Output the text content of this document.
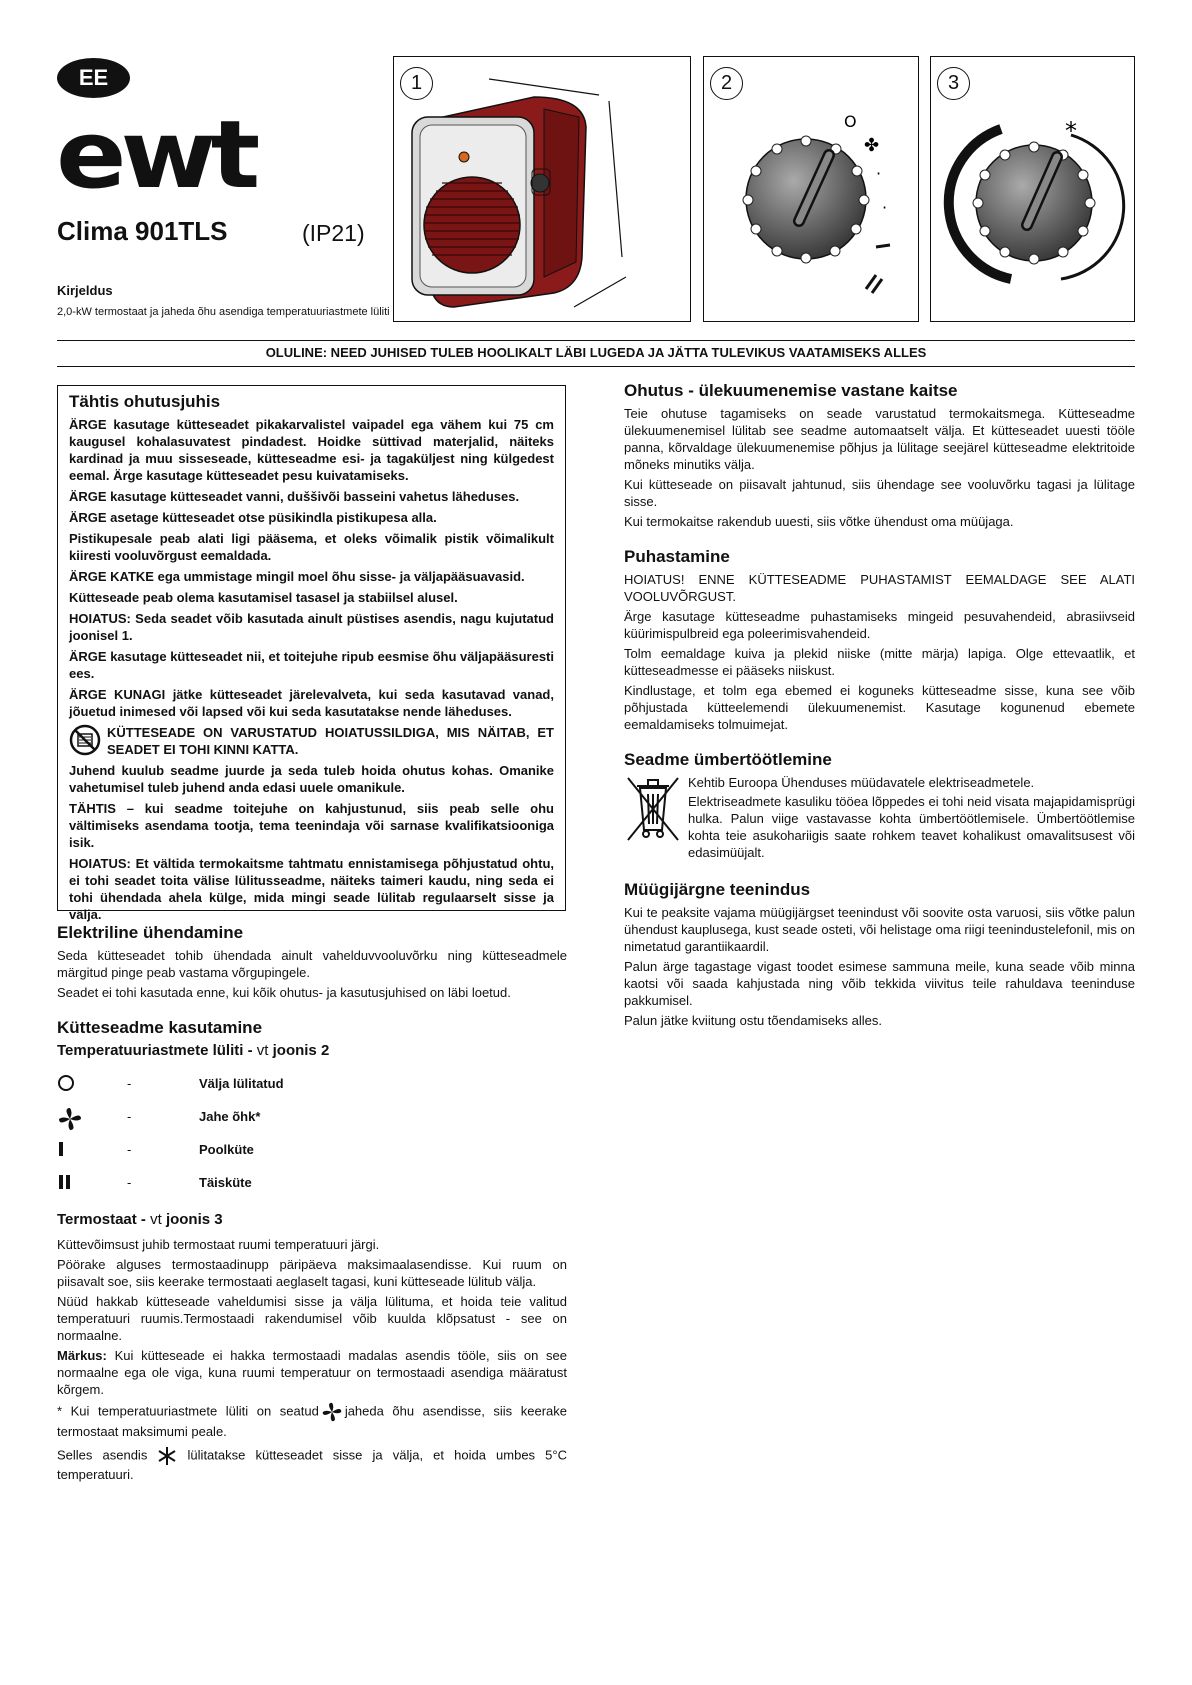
EE
ewt
Clima 901TLS	(IP21)
Kirjeldus
2,0-kW termostaat ja jaheda õhu asendiga temperatuuriastmete lüliti
1	2
O
✤
·
·
3
*
OLULINE: NEED JUHISED TULEB HOOLIKALT LÄBI LUGEDA JA JÄTTA TULEVIKUS VAATAMISEKS ALLES
Tähtis ohutusjuhis

ÄRGE kasutage kütteseadet pikakarvalistel vaipadel ega vähem kui 75 cm kaugusel kohalasuvatest pindadest. Hoidke süttivad materjalid, näiteks kardinad ja muu sisseseade, kütteseadme esi- ja tagaküljest ning külgedest eemal. Ärge kasutage kütteseadet pesu kuivatamiseks.

ÄRGE kasutage kütteseadet vanni, duššivõi basseini vahetus läheduses.

ÄRGE asetage kütteseadet otse püsikindla pistikupesa alla.

Pistikupesale peab alati ligi pääsema, et oleks võimalik pistik võimalikult kiiresti vooluvõrgust eemaldada.

ÄRGE KATKE ega ummistage mingil moel õhu sisse- ja väljapääsuavasid.

Kütteseade peab olema kasutamisel tasasel ja stabiilsel alusel.

HOIATUS: Seda seadet võib kasutada ainult püstises asendis, nagu kujutatud joonisel 1.

ÄRGE kasutage kütteseadet nii, et toitejuhe ripub eesmise õhu väljapääsuresti ees.

ÄRGE KUNAGI jätke kütteseadet järelevalveta, kui seda kasutavad vanad, jõuetud inimesed või lapsed või kui seda kasutatakse nende läheduses.

KÜTTESEADE ON VARUSTATUD HOIATUSSILDIGA, MIS NÄITAB, ET SEADET EI TOHI KINNI KATTA.

Juhend kuulub seadme juurde ja seda tuleb hoida ohutus kohas. Omanike vahetumisel tuleb juhend anda edasi uuele omanikule.

TÄHTIS – kui seadme toitejuhe on kahjustunud, siis peab selle ohu vältimiseks asendama tootja, tema teenindaja või sarnase kvalifikatsiooniga isik.

HOIATUS: Et vältida termokaitsme tahtmatu ennistamisega põhjustatud ohtu, ei tohi seadet toita välise lülitusseadme, näiteks taimeri kaudu, ning seda ei tohi ühendada ahela külge, mida mingi seade lülitab regulaarselt sisse ja välja.

Elektriline ühendamine

Seda kütteseadet tohib ühendada ainult vahelduvvooluvõrku ning kütteseadmele märgitud pinge peab vastama võrgupingele.

Seadet ei tohi kasutada enne, kui kõik ohutus- ja kasutusjuhised on läbi loetud.

Kütteseadme kasutamine
Temperatuuriastmete lüliti - vt joonis 2
-	Välja lülitatud
-	Jahe õhk*
-	Poolküte
-	Täisküte
Termostaat - vt joonis 3

Küttevõimsust juhib termostaat ruumi temperatuuri järgi.

Pöörake alguses termostaadinupp päripäeva maksimaalasendisse. Kui ruum on piisavalt soe, siis keerake termostaati aeglaselt tagasi, kuni kütteseade lülitub välja.

Nüüd hakkab kütteseade vaheldumisi sisse ja välja lülituma, et hoida teie valitud temperatuuri ruumis.Termostaadi rakendumisel võib kuulda klõpsatust - see on normaalne.

Märkus: Kui kütteseade ei hakka termostaadi madalas asendis tööle, siis on see normaalne ega ole viga, kuna ruumi temperatuur on termostaadi asendiga määratust kõrgem.

* Kui temperatuuriastmete lüliti on seatud jaheda õhu asendisse, siis keerake termostaat maksimumi peale.

Selles asendis	lülitatakse kütteseadet sisse ja välja, et hoida umbes 5°C temperatuuri.

Ohutus - ülekuumenemise vastane kaitse

Teie ohutuse tagamiseks on seade varustatud termokaitsmega. Kütteseadme ülekuumenemisel lülitab see seadme automaatselt välja. Et kütteseadet uuesti tööle panna, kõrvaldage ülekuumenemise põhjus ja lülitage seejärel kütteseadme elektritoide mõneks minutiks välja.

Kui kütteseade on piisavalt jahtunud, siis ühendage see vooluvõrku tagasi ja lülitage sisse.

Kui termokaitse rakendub uuesti, siis võtke ühendust oma müüjaga.

Puhastamine

HOIATUS! ENNE KÜTTESEADME PUHASTAMIST EEMALDAGE SEE ALATI VOOLUVÕRGUST.

Ärge kasutage kütteseadme puhastamiseks mingeid pesuvahendeid, abrasiivseid küürimispulbreid ega poleerimisvahendeid.

Tolm eemaldage kuiva ja plekid niiske (mitte märja) lapiga. Olge ettevaatlik, et kütteseadmesse ei pääseks niiskust.

Kindlustage, et tolm ega ebemed ei koguneks kütteseadme sisse, kuna see võib põhjustada kütteelemendi ülekuumenemist. Kasutage kogunenud ebemete eemaldamiseks tolmuimejat.

Seadme ümbertöötlemine

Kehtib Euroopa Ühenduses müüdavatele elektriseadmetele.

Elektriseadmete kasuliku tööea lõppedes ei tohi neid visata majapidamisprügi hulka. Palun viige vastavasse kohta ümbertöötlemisele. Ümbertöötlemise kohta teie asukohariigis saate rohkem teavet kohalikust omavalitsusest või edasimüüjalt.

Müügijärgne teenindus

Kui te peaksite vajama müügijärgset teenindust või soovite osta varuosi, siis võtke palun ühendust kauplusega, kust seade osteti, või helistage oma riigi teenindustelefonil, mis on nimetatud garantiikaardil.

Palun ärge tagastage vigast toodet esimese sammuna meile, kuna seade võib minna kaotsi või saada kahjustada ning võib tekkida viivitus teile rahuldava teeninduse pakkumisel.

Palun jätke kviitung ostu tõendamiseks alles.
